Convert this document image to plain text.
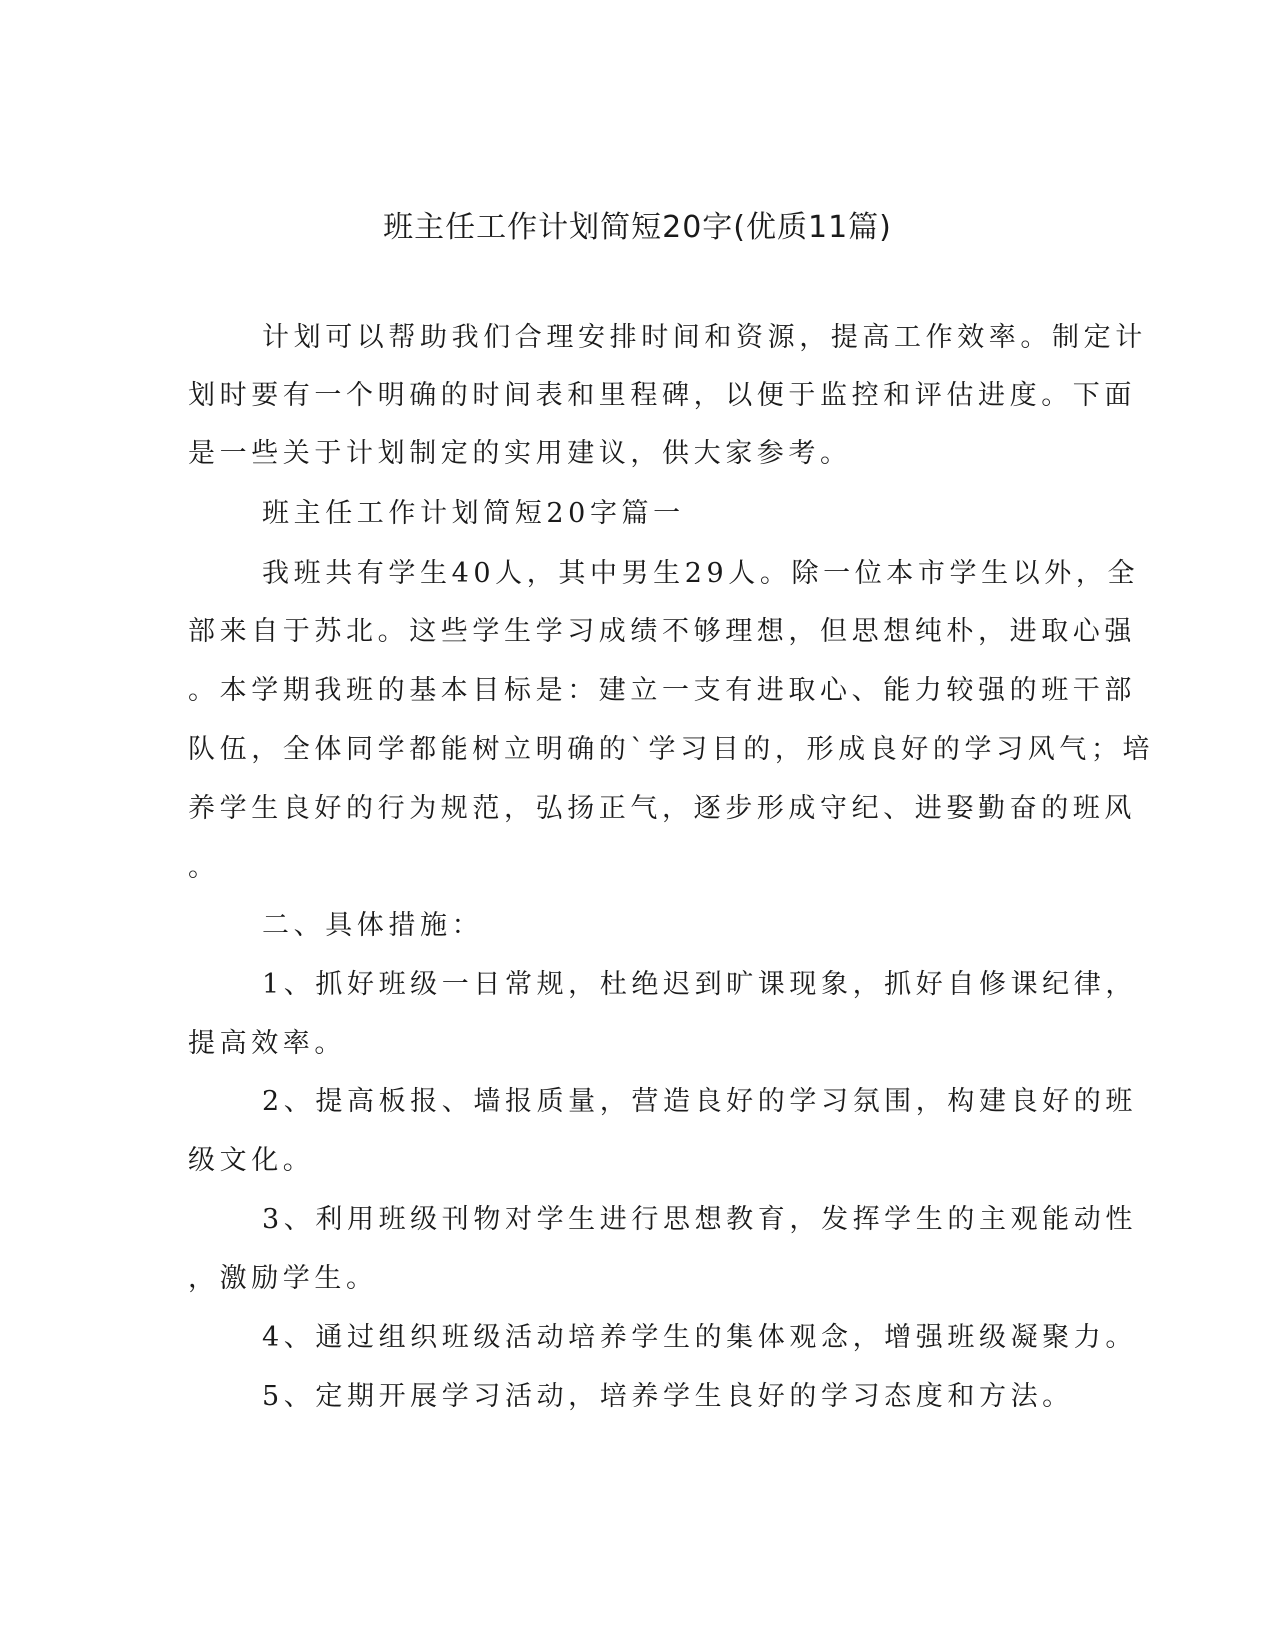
班主任工作计划简短20字(优质11篇)
计划可以帮助我们合理安排时间和资源，提高工作效率。制定计
划时要有一个明确的时间表和里程碑，以便于监控和评估进度。下面
是一些关于计划制定的实用建议，供大家参考。
班主任工作计划简短20字篇一
我班共有学生40人，其中男生29人。除一位本市学生以外，全
部来自于苏北。这些学生学习成绩不够理想，但思想纯朴，进取心强
。本学期我班的基本目标是：建立一支有进取心、能力较强的班干部
队伍，全体同学都能树立明确的`学习目的，形成良好的学习风气；培
养学生良好的行为规范，弘扬正气，逐步形成守纪、进娶勤奋的班风
。
二、具体措施：
1、抓好班级一日常规，杜绝迟到旷课现象，抓好自修课纪律，
提高效率。
2、提高板报、墙报质量，营造良好的学习氛围，构建良好的班
级文化。
3、利用班级刊物对学生进行思想教育，发挥学生的主观能动性
，激励学生。
4、通过组织班级活动培养学生的集体观念，增强班级凝聚力。
5、定期开展学习活动，培养学生良好的学习态度和方法。
